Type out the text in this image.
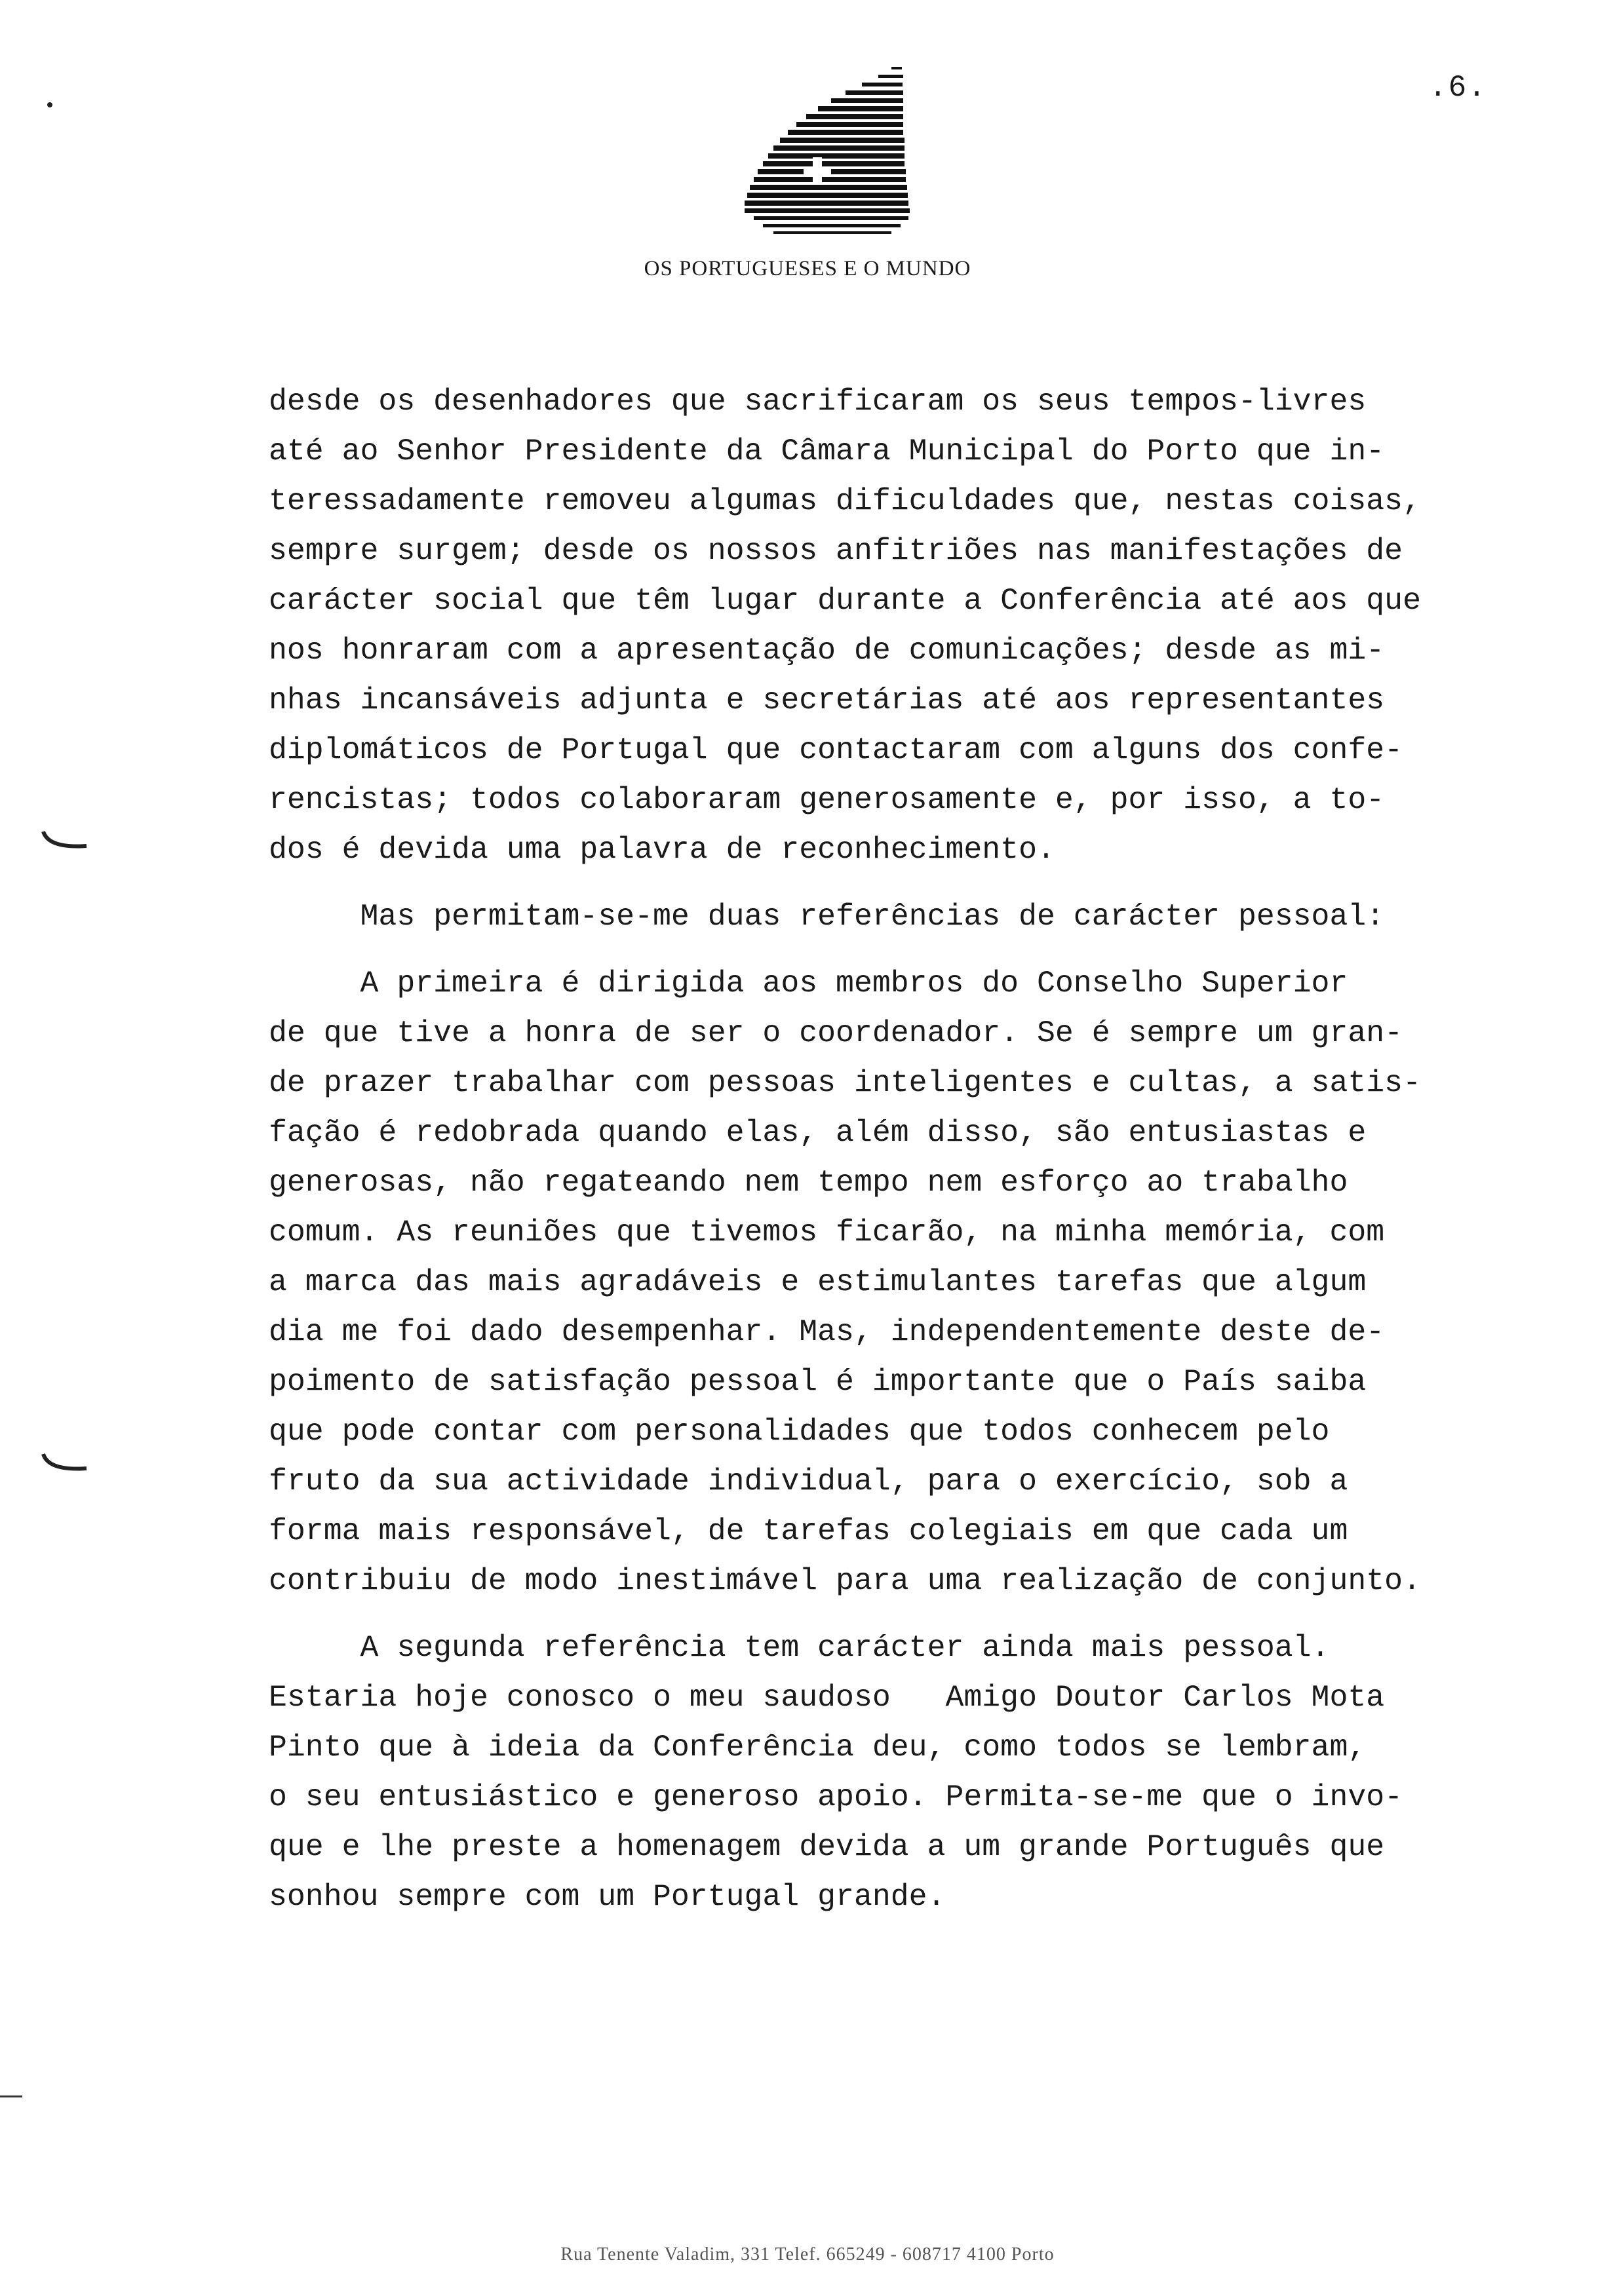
.6.
OS PORTUGUESES E O MUNDO
desde os desenhadores que sacrificaram os seus tempos-livres
até ao Senhor Presidente da Câmara Municipal do Porto que in-
teressadamente removeu algumas dificuldades que, nestas coisas,
sempre surgem; desde os nossos anfitriões nas manifestações de
carácter social que têm lugar durante a Conferência até aos que
nos honraram com a apresentação de comunicações; desde as mi-
nhas incansáveis adjunta e secretárias até aos representantes
diplomáticos de Portugal que contactaram com alguns dos confe-
rencistas; todos colaboraram generosamente e, por isso, a to-
dos é devida uma palavra de reconhecimento.
Mas permitam-se-me duas referências de carácter pessoal:
A primeira é dirigida aos membros do Conselho Superior
de que tive a honra de ser o coordenador. Se é sempre um gran-
de prazer trabalhar com pessoas inteligentes e cultas, a satis-
fação é redobrada quando elas, além disso, são entusiastas e
generosas, não regateando nem tempo nem esforço ao trabalho
comum. As reuniões que tivemos ficarão, na minha memória, com
a marca das mais agradáveis e estimulantes tarefas que algum
dia me foi dado desempenhar. Mas, independentemente deste de-
poimento de satisfação pessoal é importante que o País saiba
que pode contar com personalidades que todos conhecem pelo
fruto da sua actividade individual, para o exercício, sob a
forma mais responsável, de tarefas colegiais em que cada um
contribuiu de modo inestimável para uma realização de conjunto.
A segunda referência tem carácter ainda mais pessoal.
Estaria hoje conosco o meu saudoso   Amigo Doutor Carlos Mota
Pinto que à ideia da Conferência deu, como todos se lembram,
o seu entusiástico e generoso apoio. Permita-se-me que o invo-
que e lhe preste a homenagem devida a um grande Português que
sonhou sempre com um Portugal grande.
Rua Tenente Valadim, 331 Telef. 665249 - 608717 4100 Porto
